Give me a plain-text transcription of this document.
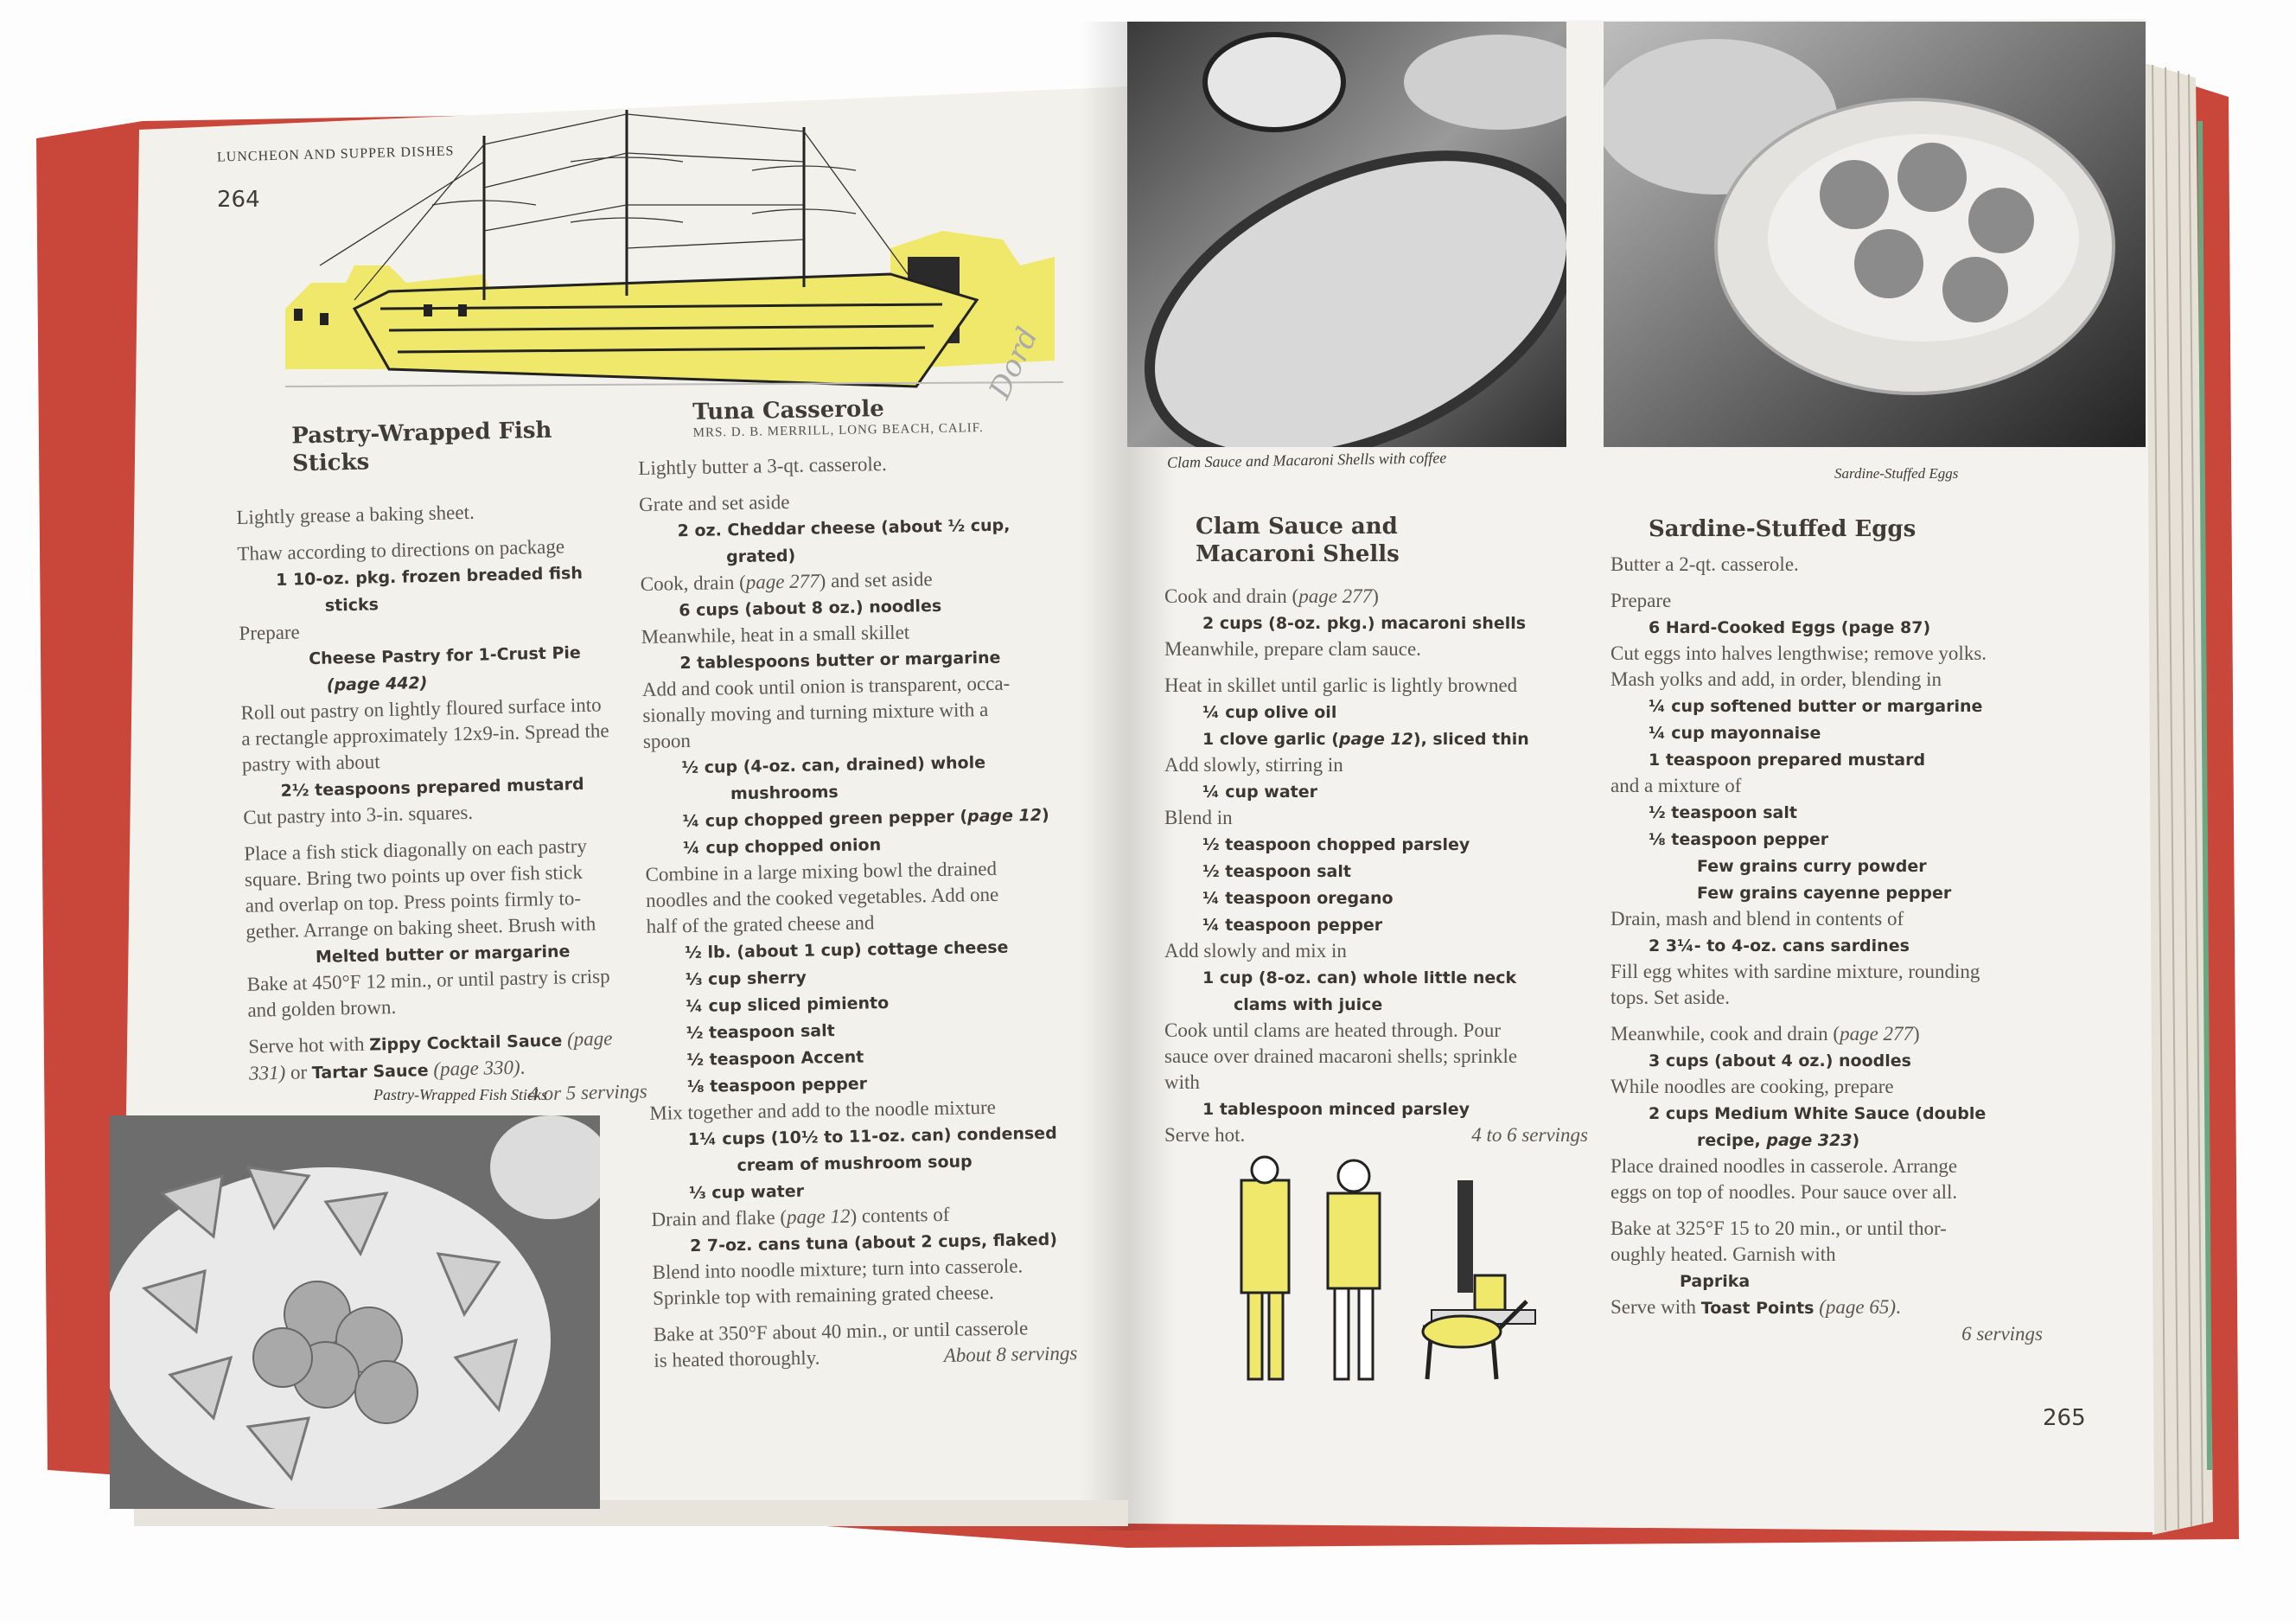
LUNCHEON AND SUPPER DISHES
264
Dord
Pastry-Wrapped Fish Sticks
Lightly grease a baking sheet.
Thaw according to directions on package
1 10-oz. pkg. frozen breaded fish
sticks
Prepare
Cheese Pastry for 1-Crust Pie
(page 442)
Roll out pastry on lightly floured surface into
a rectangle approximately 12x9-in. Spread the
pastry with about
2½ teaspoons prepared mustard
Cut pastry into 3-in. squares.
Place a fish stick diagonally on each pastry
square. Bring two points up over fish stick
and overlap on top. Press points firmly to-
gether. Arrange on baking sheet. Brush with
Melted butter or margarine
Bake at 450°F 12 min., or until pastry is crisp
and golden brown.
Serve hot with Zippy Cocktail Sauce (page
331) or Tartar Sauce (page 330).
4 or 5 servings
Tuna Casserole
MRS. D. B. MERRILL, LONG BEACH, CALIF.
Lightly butter a 3-qt. casserole.
Grate and set aside
2 oz. Cheddar cheese (about ½ cup,
grated)
Cook, drain (page 277) and set aside
6 cups (about 8 oz.) noodles
Meanwhile, heat in a small skillet
2 tablespoons butter or margarine
Add and cook until onion is transparent, occa-
sionally moving and turning mixture with a
spoon
½ cup (4-oz. can, drained) whole
mushrooms
¼ cup chopped green pepper (page 12)
¼ cup chopped onion
Combine in a large mixing bowl the drained
noodles and the cooked vegetables. Add one
half of the grated cheese and
½ lb. (about 1 cup) cottage cheese
⅓ cup sherry
¼ cup sliced pimiento
½ teaspoon salt
½ teaspoon Accent
⅛ teaspoon pepper
Mix together and add to the noodle mixture
1¼ cups (10½ to 11-oz. can) condensed
cream of mushroom soup
⅓ cup water
Drain and flake (page 12) contents of
2 7-oz. cans tuna (about 2 cups, flaked)
Blend into noodle mixture; turn into casserole.
Sprinkle top with remaining grated cheese.
Bake at 350°F about 40 min., or until casserole
is heated thoroughly.	About 8 servings
Pastry-Wrapped Fish Sticks
Clam Sauce and Macaroni Shells with coffee
Sardine-Stuffed Eggs
Clam Sauce and
Macaroni Shells
Cook and drain (page 277)
2 cups (8-oz. pkg.) macaroni shells
Meanwhile, prepare clam sauce.
Heat in skillet until garlic is lightly browned
¼ cup olive oil
1 clove garlic (page 12), sliced thin
Add slowly, stirring in
¼ cup water
Blend in
½ teaspoon chopped parsley
½ teaspoon salt
¼ teaspoon oregano
¼ teaspoon pepper
Add slowly and mix in
1 cup (8-oz. can) whole little neck
clams with juice
Cook until clams are heated through. Pour
sauce over drained macaroni shells; sprinkle
with
1 tablespoon minced parsley
Serve hot.	4 to 6 servings
Sardine-Stuffed Eggs
Butter a 2-qt. casserole.
Prepare
6 Hard-Cooked Eggs (page 87)
Cut eggs into halves lengthwise; remove yolks.
Mash yolks and add, in order, blending in
¼ cup softened butter or margarine
¼ cup mayonnaise
1 teaspoon prepared mustard
and a mixture of
½ teaspoon salt
⅛ teaspoon pepper
Few grains curry powder
Few grains cayenne pepper
Drain, mash and blend in contents of
2 3¼- to 4-oz. cans sardines
Fill egg whites with sardine mixture, rounding
tops. Set aside.
Meanwhile, cook and drain (page 277)
3 cups (about 4 oz.) noodles
While noodles are cooking, prepare
2 cups Medium White Sauce (double
recipe, page 323)
Place drained noodles in casserole. Arrange
eggs on top of noodles. Pour sauce over all.
Bake at 325°F 15 to 20 min., or until thor-
oughly heated. Garnish with
Paprika
Serve with Toast Points (page 65).
6 servings
265
